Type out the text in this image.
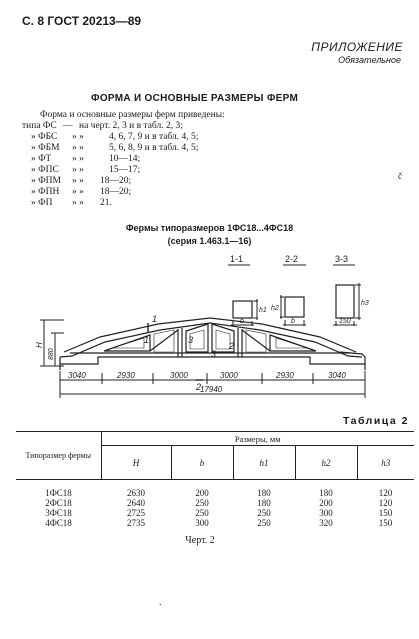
С. 8 ГОСТ 20213—89
ПРИЛОЖЕНИЕ
Обязательное
ФОРМА И ОСНОВНЫЕ РАЗМЕРЫ ФЕРМ
Форма и основные размеры ферм приведены:
типа ФС — на черт. 2, 3 и в табл. 2, 3;
» ФБС » »	4, 6, 7, 9 и в табл. 4, 5;
» ФБМ » »	5, 6, 8, 9 и в табл. 4, 5;
» ФТ » »	10—14;
» ФПС » »	15—17;
» ФПМ » » 18—20;
» ФПН » » 18—20;
» ФП » » 21.
č
Фермы типоразмеров 1ФС18...4ФС18
(серия 1.463.1—16)
1-1
h1
b
2-2
h2
b
3-3
h3
150
H
880
3040	2930	3000	3000	2930	3040
17940
1
1
2
2
3
3
Таблица 2
Типоразмер фермы	Размеры, мм				
	H	b	h1	h2	h3

1ФС18	2630	200	180	180	120
2ФС18	2640	250	180	200	120
3ФС18	2725	250	250	300	150
4ФС18	2735	300	250	320	150
Черт. 2
.
